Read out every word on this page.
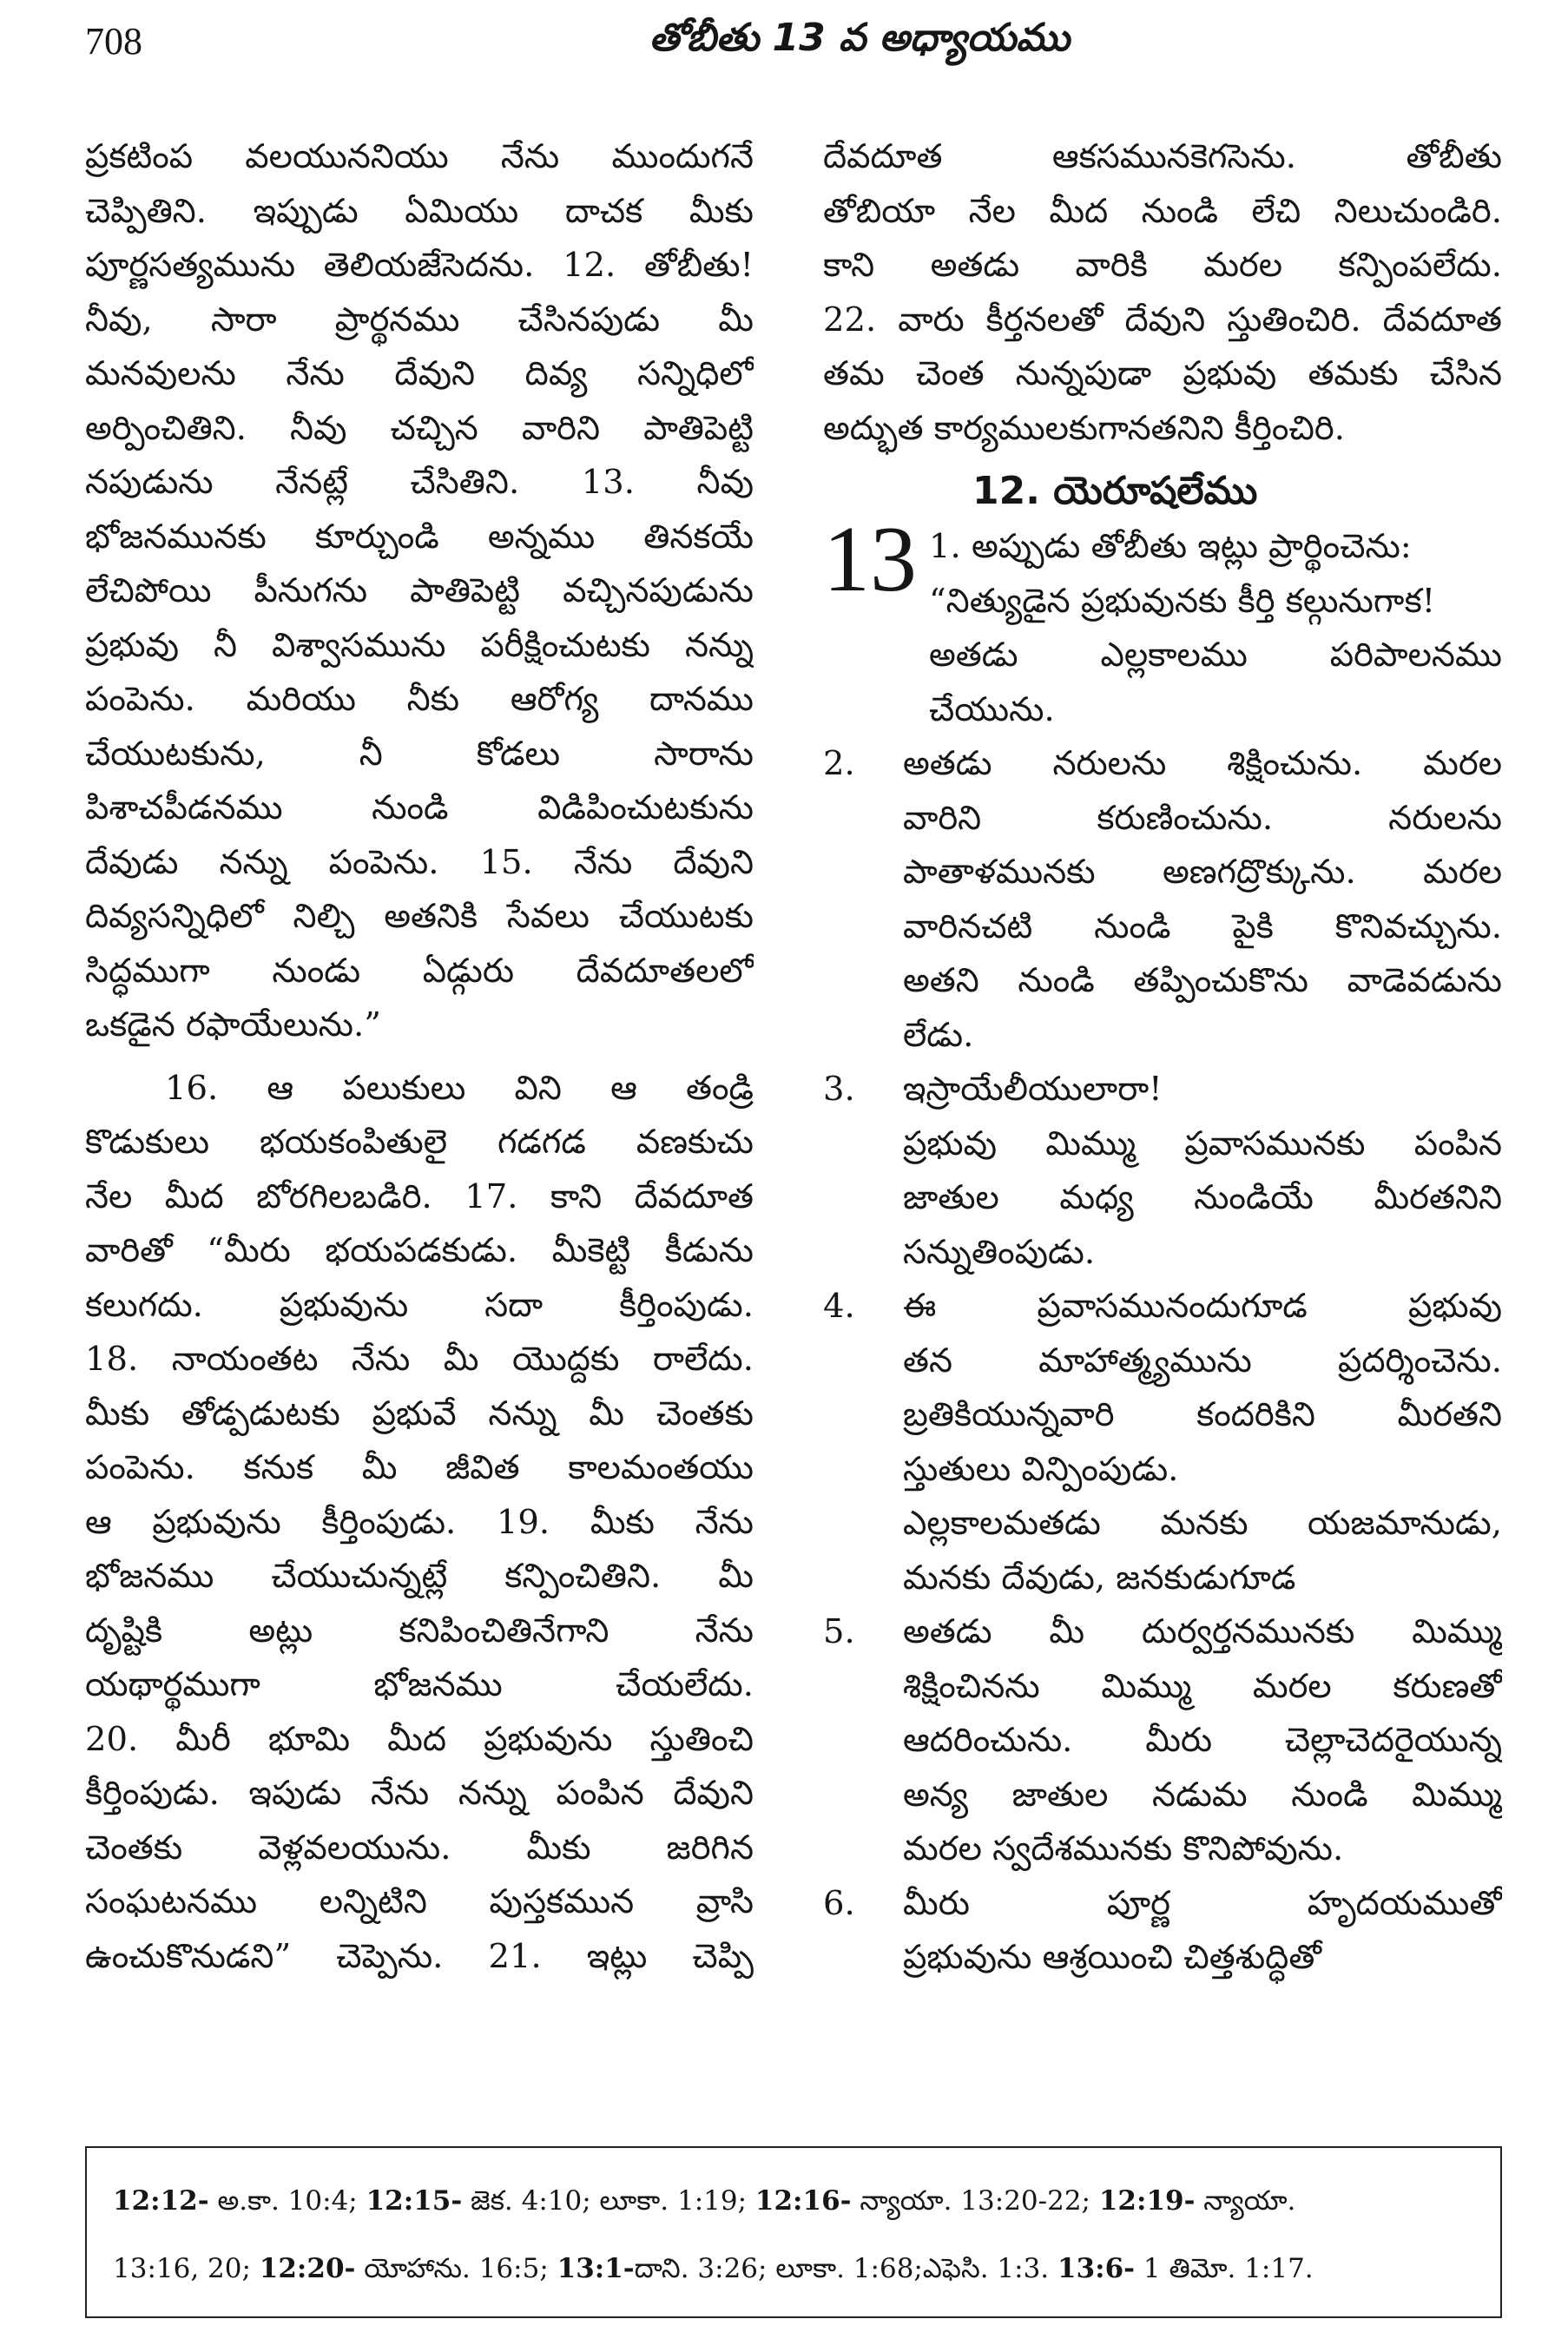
708	తోబీతు 13 వ అధ్యాయము
ప్రకటింప వలయుననియు నేను ముందుగనే
చెప్పితిని. ఇప్పుడు ఏమియు దాచక మీకు
పూర్ణసత్యమును తెలియజేసెదను. 12. తోబీతు!
నీవు, సారా ప్రార్థనము చేసినపుడు మీ
మనవులను నేను దేవుని దివ్య సన్నిధిలో
అర్పించితిని. నీవు చచ్చిన వారిని పాతిపెట్టి
నపుడును నేనట్లే చేసితిని. 13. నీవు
భోజనమునకు కూర్చుండి అన్నము తినకయే
లేచిపోయి పీనుగను పాతిపెట్టి వచ్చినపుడును
ప్రభువు నీ విశ్వాసమును పరీక్షించుటకు నన్ను
పంపెను. మరియు నీకు ఆరోగ్య దానము
చేయుటకును, నీ కోడలు సారాను
పిశాచపీడనము నుండి విడిపించుటకును
దేవుడు నన్ను పంపెను. 15. నేను దేవుని
దివ్యసన్నిధిలో నిల్చి అతనికి సేవలు చేయుటకు
సిద్ధముగా నుండు ఏడ్గురు దేవదూతలలో
ఒకడైన రఫాయేలును.”
16. ఆ పలుకులు విని ఆ తండ్రి
కొడుకులు భయకంపితులై గడగడ వణకుచు
నేల మీద బోరగిలబడిరి. 17. కాని దేవదూత
వారితో “మీరు భయపడకుడు. మీకెట్టి కీడును
కలుగదు. ప్రభువును సదా కీర్తింపుడు.
18. నాయంతట నేను మీ యొద్దకు రాలేదు.
మీకు తోడ్పడుటకు ప్రభువే నన్ను మీ చెంతకు
పంపెను. కనుక మీ జీవిత కాలమంతయు
ఆ ప్రభువును కీర్తింపుడు. 19. మీకు నేను
భోజనము చేయుచున్నట్లే కన్పించితిని. మీ
దృష్టికి అట్లు కనిపించితినేగాని నేను
యథార్థముగా భోజనము చేయలేదు.
20. మీరీ భూమి మీద ప్రభువును స్తుతించి
కీర్తింపుడు. ఇపుడు నేను నన్ను పంపిన దేవుని
చెంతకు వెళ్లవలయును. మీకు జరిగిన
సంఘటనము లన్నిటిని పుస్తకమున వ్రాసి
ఉంచుకొనుడని” చెప్పెను. 21. ఇట్లు చెప్పి
దేవదూత ఆకసమునకెగసెను. తోబీతు
తోబియా నేల మీద నుండి లేచి నిలుచుండిరి.
కాని అతడు వారికి మరల కన్పింపలేదు.
22. వారు కీర్తనలతో దేవుని స్తుతించిరి. దేవదూత
తమ చెంత నున్నపుడా ప్రభువు తమకు చేసిన
అద్భుత కార్యములకుగానతనిని కీర్తించిరి.
12. యెరూషలేము
13 1. అప్పుడు తోబీతు ఇట్లు ప్రార్థించెను:
“నిత్యుడైన ప్రభువునకు కీర్తి కల్గునుగాక!
అతడు ఎల్లకాలము పరిపాలనము
చేయును.
2. అతడు నరులను శిక్షించును. మరల
వారిని కరుణించును. నరులను
పాతాళమునకు అణగద్రొక్కును. మరల
వారినచటి నుండి పైకి కొనివచ్చును.
అతని నుండి తప్పించుకొను వాడెవడును
లేడు.
3. ఇస్రాయేలీయులారా!
ప్రభువు మిమ్ము ప్రవాసమునకు పంపిన
జాతుల మధ్య నుండియే మీరతనిని
సన్నుతింపుడు.
4. ఈ ప్రవాసమునందుగూడ ప్రభువు
తన మాహాత్మ్యమును ప్రదర్శించెను.
బ్రతికియున్నవారి కందరికిని మీరతని
స్తుతులు విన్పింపుడు.
ఎల్లకాలమతడు మనకు యజమానుడు,
మనకు దేవుడు, జనకుడుగూడ
5. అతడు మీ దుర్వర్తనమునకు మిమ్ము
శిక్షించినను మిమ్ము మరల కరుణతో
ఆదరించును. మీరు చెల్లాచెదరైయున్న
అన్య జాతుల నడుమ నుండి మిమ్ము
మరల స్వదేశమునకు కొనిపోవును.
6. మీరు పూర్ణ హృదయముతో
ప్రభువును ఆశ్రయించి చిత్తశుద్ధితో
12:12- అ.కా. 10:4; 12:15- జెక. 4:10; లూకా. 1:19; 12:16- న్యాయా. 13:20-22; 12:19- న్యాయా.
13:16, 20; 12:20- యోహాను. 16:5; 13:1-దాని. 3:26; లూకా. 1:68;ఎఫెసి. 1:3. 13:6- 1 తిమో. 1:17.
